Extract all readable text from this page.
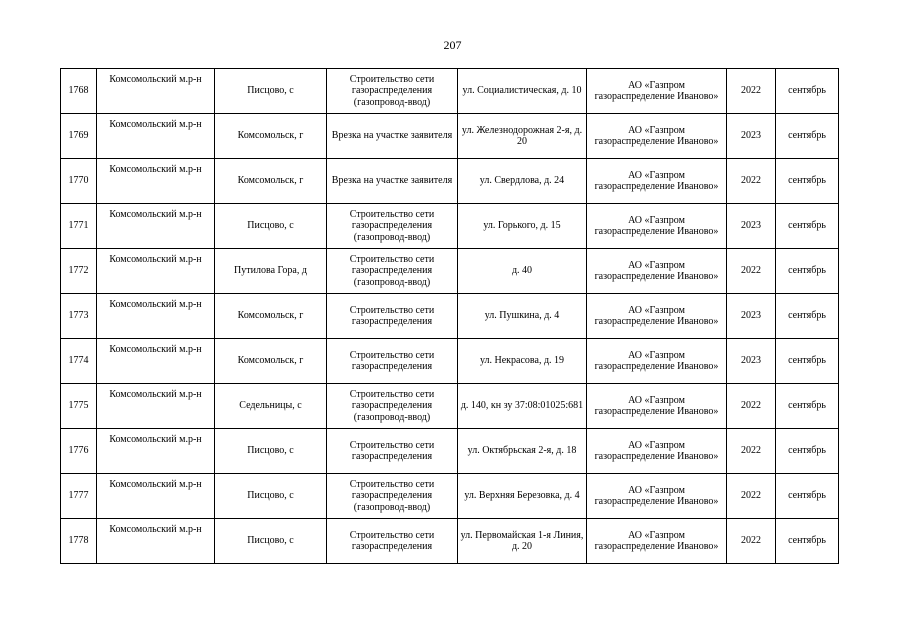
207
1768	Комсомольский м.р-н	Писцово, с	Строительство сети газораспределения (газопровод-ввод)	ул. Социалистическая, д. 10	АО «Газпром газораспределение Иваново»	2022	сентябрь
1769	Комсомольский м.р-н	Комсомольск, г	Врезка на участке заявителя	ул. Железнодорожная 2-я, д. 20	АО «Газпром газораспределение Иваново»	2023	сентябрь
1770	Комсомольский м.р-н	Комсомольск, г	Врезка на участке заявителя	ул. Свердлова, д. 24	АО «Газпром газораспределение Иваново»	2022	сентябрь
1771	Комсомольский м.р-н	Писцово, с	Строительство сети газораспределения (газопровод-ввод)	ул. Горького, д. 15	АО «Газпром газораспределение Иваново»	2023	сентябрь
1772	Комсомольский м.р-н	Путилова Гора, д	Строительство сети газораспределения (газопровод-ввод)	д. 40	АО «Газпром газораспределение Иваново»	2022	сентябрь
1773	Комсомольский м.р-н	Комсомольск, г	Строительство сети газораспределения	ул. Пушкина, д. 4	АО «Газпром газораспределение Иваново»	2023	сентябрь
1774	Комсомольский м.р-н	Комсомольск, г	Строительство сети газораспределения	ул. Некрасова, д. 19	АО «Газпром газораспределение Иваново»	2023	сентябрь
1775	Комсомольский м.р-н	Седельницы, с	Строительство сети газораспределения (газопровод-ввод)	д. 140, кн зу 37:08:01025:681	АО «Газпром газораспределение Иваново»	2022	сентябрь
1776	Комсомольский м.р-н	Писцово, с	Строительство сети газораспределения	ул. Октябрьская 2-я, д. 18	АО «Газпром газораспределение Иваново»	2022	сентябрь
1777	Комсомольский м.р-н	Писцово, с	Строительство сети газораспределения (газопровод-ввод)	ул. Верхняя Березовка, д. 4	АО «Газпром газораспределение Иваново»	2022	сентябрь
1778	Комсомольский м.р-н	Писцово, с	Строительство сети газораспределения	ул. Первомайская 1-я Линия, д. 20	АО «Газпром газораспределение Иваново»	2022	сентябрь
